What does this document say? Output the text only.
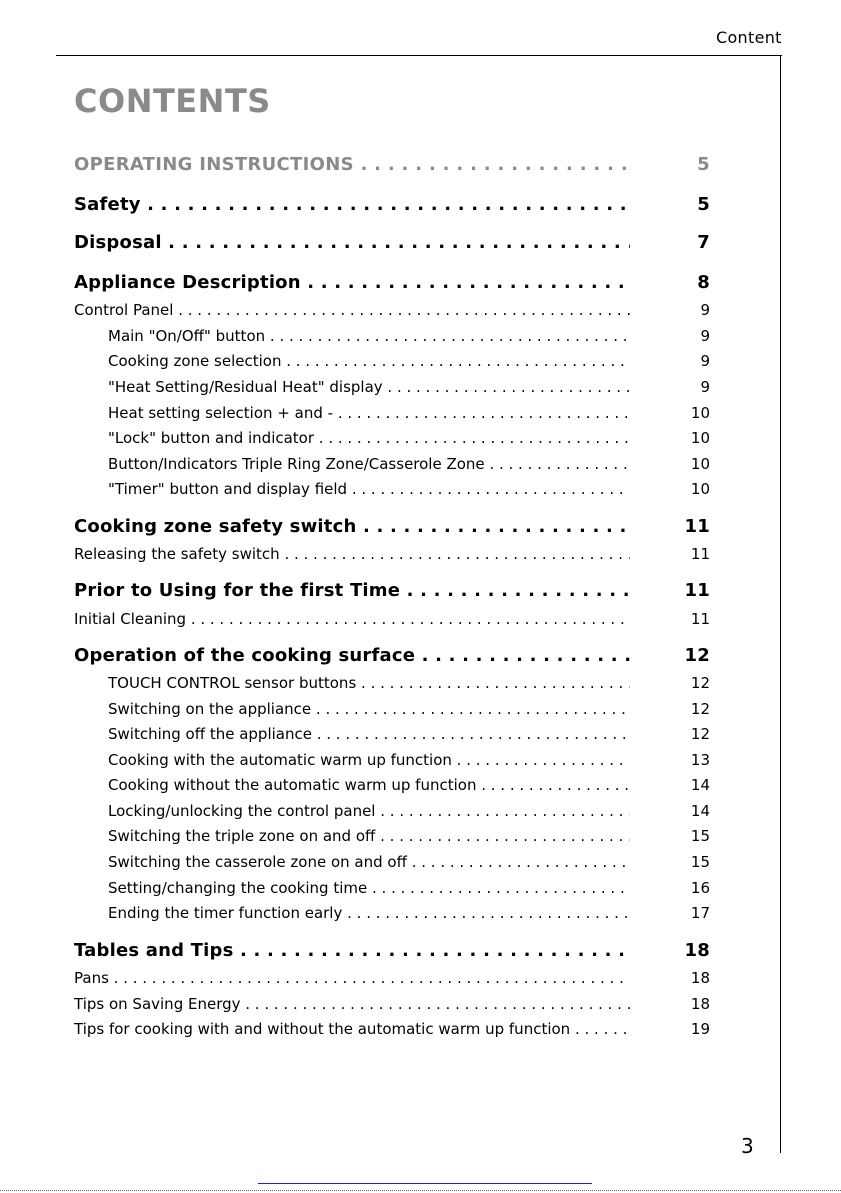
Content
CONTENTS
OPERATING INSTRUCTIONS . . .	5
Safety . . .	5
Disposal . . .	7
Appliance Description . . .	8
Control Panel . . .	9
Main "On/Off" button . . .	9
Cooking zone selection . . .	9
"Heat Setting/Residual Heat" display . . .	9
Heat setting selection + and - . . .	10
"Lock" button and indicator . . .	10
Button/Indicators Triple Ring Zone/Casserole Zone . . .	10
"Timer" button and display field . . .	10
Cooking zone safety switch . . .	11
Releasing the safety switch . . .	11
Prior to Using for the first Time . . .	11
Initial Cleaning . . .	11
Operation of the cooking surface . . .	12
TOUCH CONTROL sensor buttons . . .	12
Switching on the appliance . . .	12
Switching off the appliance . . .	12
Cooking with the automatic warm up function . . .	13
Cooking without the automatic warm up function . . .	14
Locking/unlocking the control panel . . .	14
Switching the triple zone on and off . . .	15
Switching the casserole zone on and off . . .	15
Setting/changing the cooking time . . .	16
Ending the timer function early . . .	17
Tables and Tips . . .	18
Pans . . .	18
Tips on Saving Energy . . .	18
Tips for cooking with and without the automatic warm up function . . .	19
3
